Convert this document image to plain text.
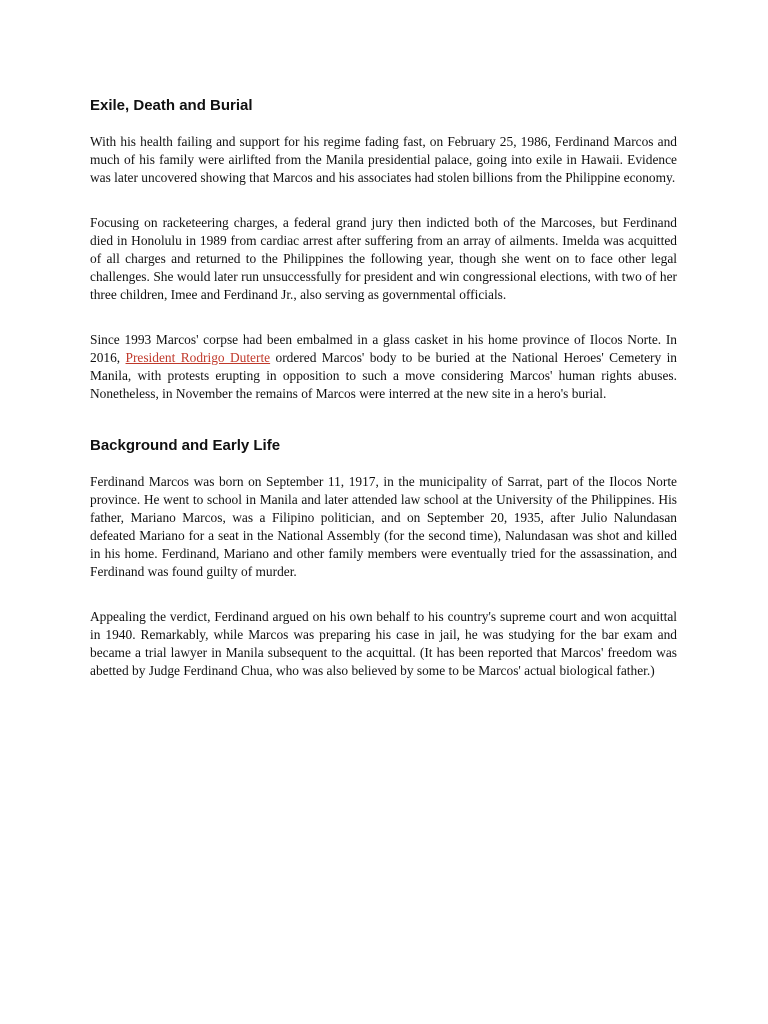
Exile, Death and Burial

With his health failing and support for his regime fading fast, on February 25, 1986, Ferdinand Marcos and much of his family were airlifted from the Manila presidential palace, going into exile in Hawaii. Evidence was later uncovered showing that Marcos and his associates had stolen billions from the Philippine economy.

Focusing on racketeering charges, a federal grand jury then indicted both of the Marcoses, but Ferdinand died in Honolulu in 1989 from cardiac arrest after suffering from an array of ailments. Imelda was acquitted of all charges and returned to the Philippines the following year, though she went on to face other legal challenges. She would later run unsuccessfully for president and win congressional elections, with two of her three children, Imee and Ferdinand Jr., also serving as governmental officials.

Since 1993 Marcos' corpse had been embalmed in a glass casket in his home province of Ilocos Norte. In 2016, President Rodrigo Duterte ordered Marcos' body to be buried at the National Heroes' Cemetery in Manila, with protests erupting in opposition to such a move considering Marcos' human rights abuses. Nonetheless, in November the remains of Marcos were interred at the new site in a hero's burial.

Background and Early Life

Ferdinand Marcos was born on September 11, 1917, in the municipality of Sarrat, part of the Ilocos Norte province. He went to school in Manila and later attended law school at the University of the Philippines. His father, Mariano Marcos, was a Filipino politician, and on September 20, 1935, after Julio Nalundasan defeated Mariano for a seat in the National Assembly (for the second time), Nalundasan was shot and killed in his home. Ferdinand, Mariano and other family members were eventually tried for the assassination, and Ferdinand was found guilty of murder.

Appealing the verdict, Ferdinand argued on his own behalf to his country's supreme court and won acquittal in 1940. Remarkably, while Marcos was preparing his case in jail, he was studying for the bar exam and became a trial lawyer in Manila subsequent to the acquittal. (It has been reported that Marcos' freedom was abetted by Judge Ferdinand Chua, who was also believed by some to be Marcos' actual biological father.)
